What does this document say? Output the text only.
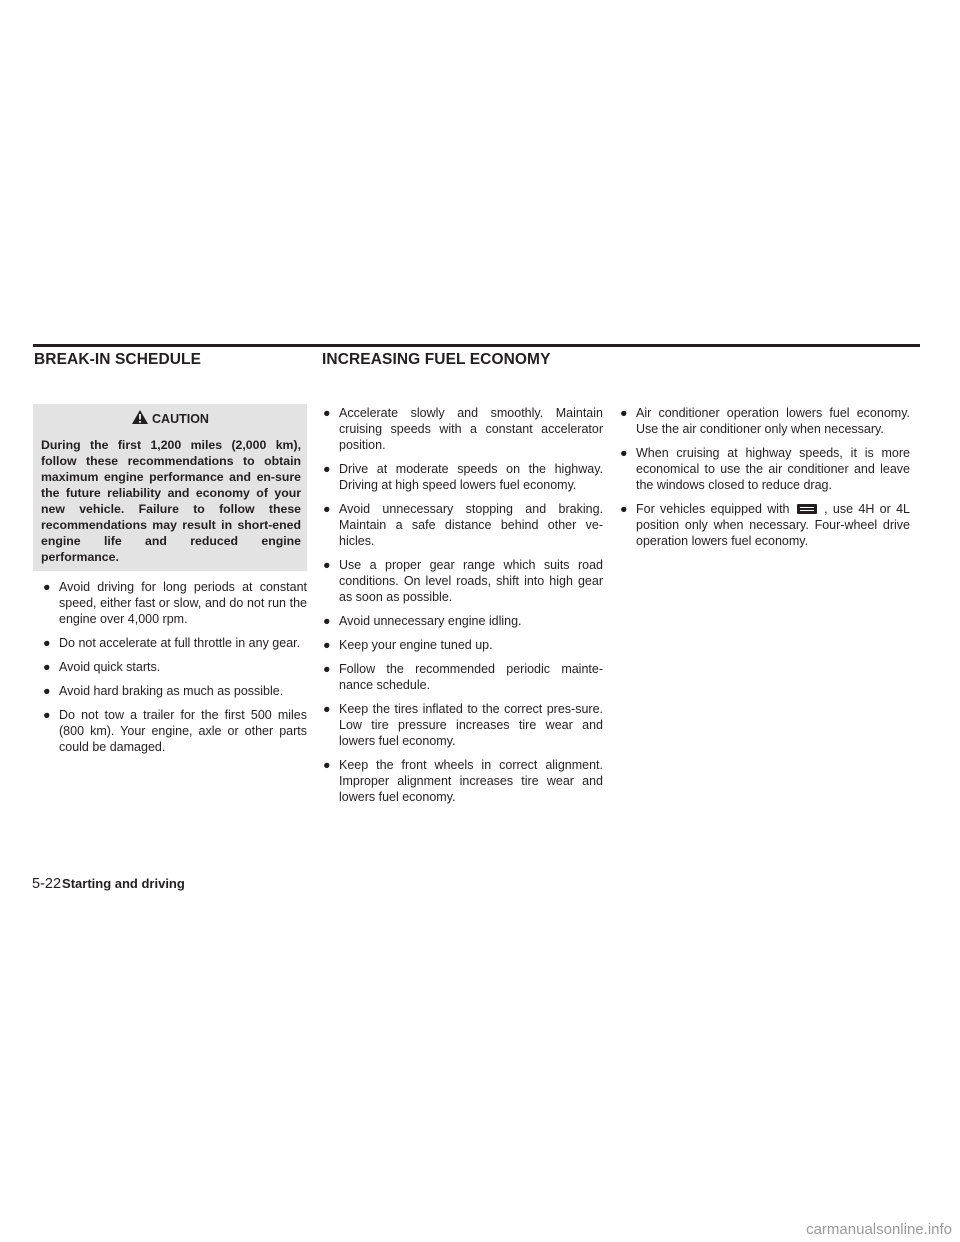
BREAK-IN SCHEDULE	INCREASING FUEL ECONOMY
CAUTION
During the first 1,200 miles (2,000 km), follow these recommendations to obtain maximum engine performance and en-sure the future reliability and economy of your new vehicle. Failure to follow these recommendations may result in short-ened engine life and reduced engine performance.
● Avoid driving for long periods at constant speed, either fast or slow, and do not run the engine over 4,000 rpm.
● Do not accelerate at full throttle in any gear.
● Avoid quick starts.
● Avoid hard braking as much as possible.
● Do not tow a trailer for the first 500 miles (800 km). Your engine, axle or other parts could be damaged.
● Accelerate slowly and smoothly. Maintain cruising speeds with a constant accelerator position.
● Drive at moderate speeds on the highway. Driving at high speed lowers fuel economy.
● Avoid unnecessary stopping and braking. Maintain a safe distance behind other ve-hicles.
● Use a proper gear range which suits road conditions. On level roads, shift into high gear as soon as possible.
● Avoid unnecessary engine idling.
● Keep your engine tuned up.
● Follow the recommended periodic mainte-nance schedule.
● Keep the tires inflated to the correct pres-sure. Low tire pressure increases tire wear and lowers fuel economy.
● Keep the front wheels in correct alignment. Improper alignment increases tire wear and lowers fuel economy.
● Air conditioner operation lowers fuel economy. Use the air conditioner only when necessary.
● When cruising at highway speeds, it is more economical to use the air conditioner and leave the windows closed to reduce drag.
● For vehicles equipped with	, use 4H or 4L position only when necessary. Four-wheel drive operation lowers fuel economy.
5-22 Starting and driving
carmanualsonline.info
